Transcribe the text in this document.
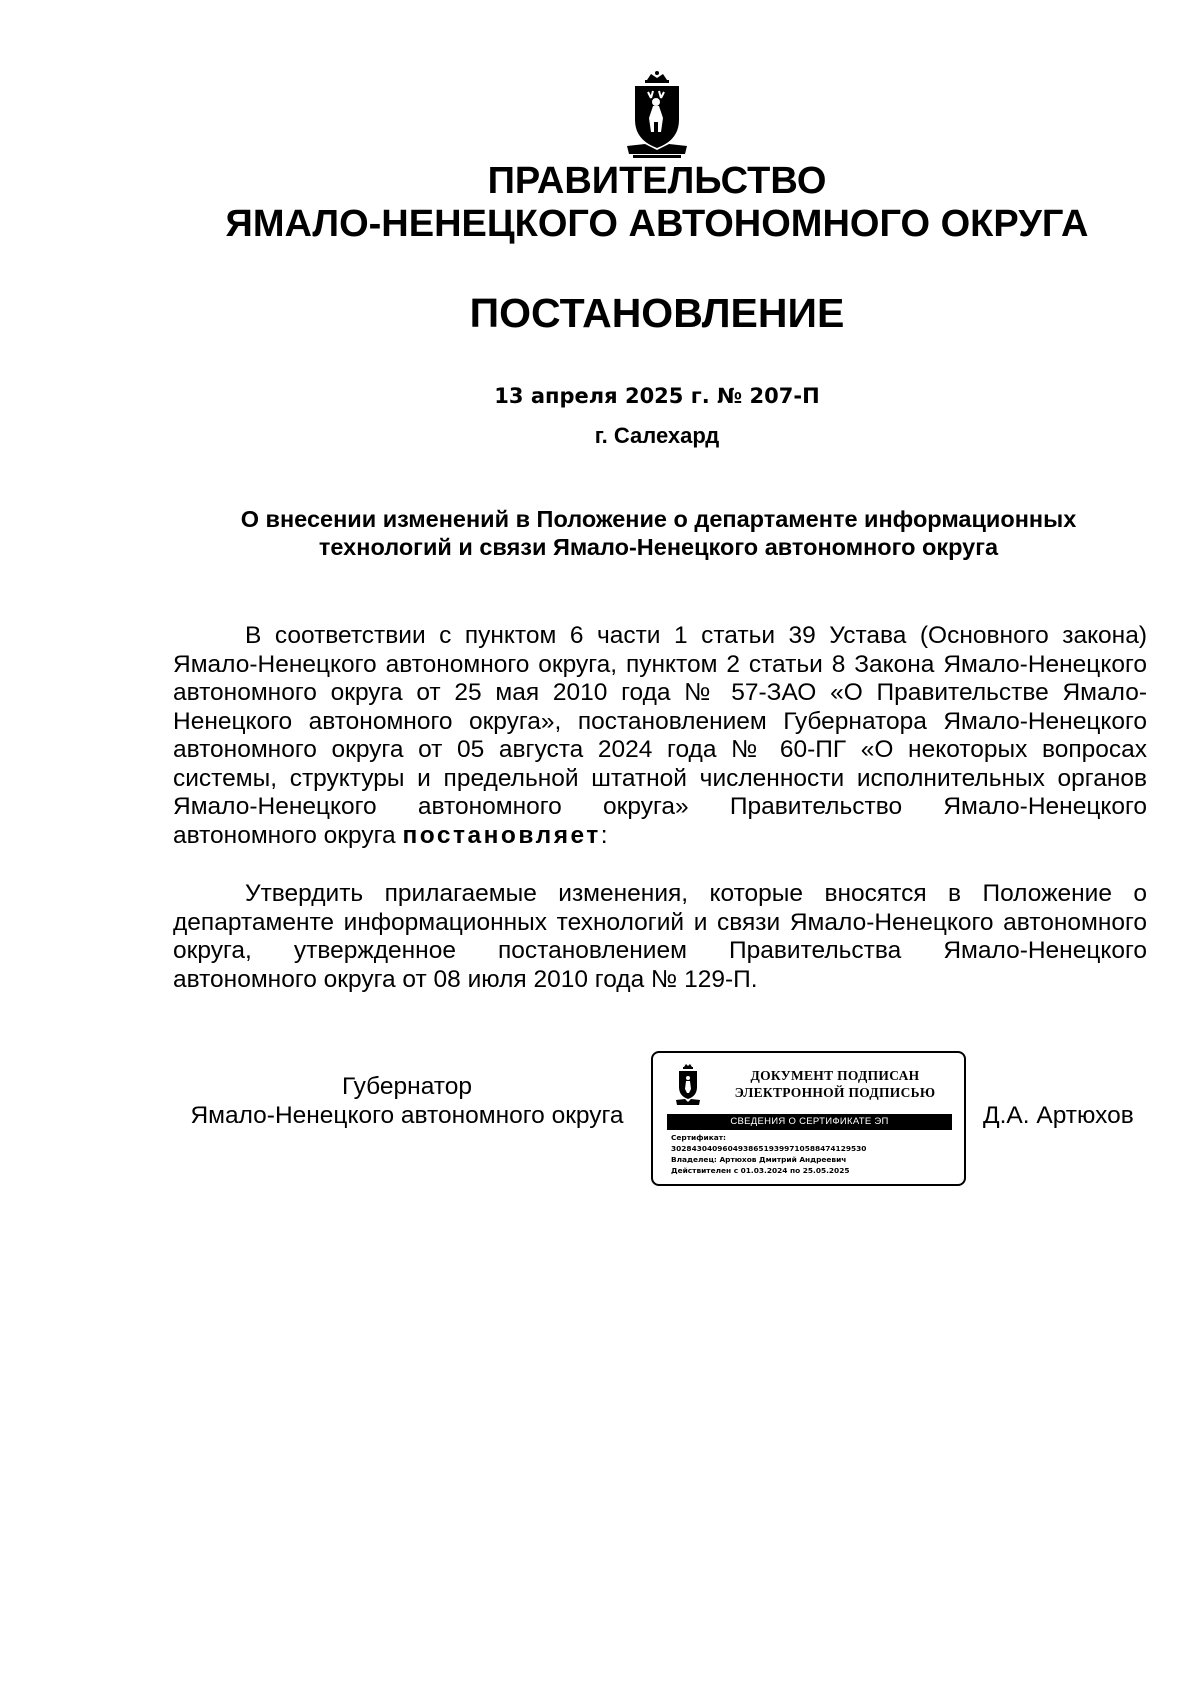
ПРАВИТЕЛЬСТВО
ЯМАЛО-НЕНЕЦКОГО АВТОНОМНОГО ОКРУГА
ПОСТАНОВЛЕНИЕ
13 апреля 2025 г. № 207-П
г. Салехард
О внесении изменений в Положение о департаменте информационных технологий и связи Ямало-Ненецкого автономного округа
В соответствии с пунктом 6 части 1 статьи 39 Устава (Основного закона) Ямало-Ненецкого автономного округа, пунктом 2 статьи 8 Закона Ямало-Ненецкого автономного округа от 25 мая 2010 года № 57-ЗАО «О Правительстве Ямало-Ненецкого автономного округа», постановлением Губернатора Ямало-Ненецкого автономного округа от 05 августа 2024 года № 60-ПГ «О некоторых вопросах системы, структуры и предельной штатной численности исполнительных органов Ямало-Ненецкого автономного округа» Правительство Ямало-Ненецкого автономного округа постановляет:
Утвердить прилагаемые изменения, которые вносятся в Положение о департаменте информационных технологий и связи Ямало-Ненецкого автономного округа, утвержденное постановлением Правительства Ямало-Ненецкого автономного округа от 08 июля 2010 года № 129-П.
Губернатор
Ямало-Ненецкого автономного округа	Д.А. Артюхов
ДОКУМЕНТ ПОДПИСАН
ЭЛЕКТРОННОЙ ПОДПИСЬЮ
СВЕДЕНИЯ О СЕРТИФИКАТЕ ЭП
Сертификат:
3028430409604938651939971058847412953​0
Владелец: Артюхов Дмитрий Андреевич
Действителен с 01.03.2024 по 25.05.2025
